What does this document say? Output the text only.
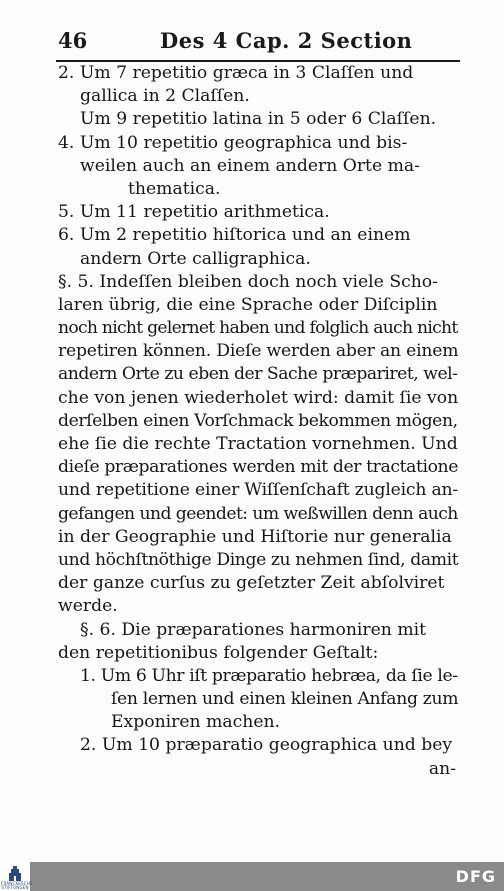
46	Des 4 Cap. 2 Section
2. Um 7 repetitio græca in 3 Claſſen und
gallica in 2 Claſſen.
Um 9 repetitio latina in 5 oder 6 Claſſen.
4. Um 10 repetitio geographica und bis-
weilen auch an einem andern Orte ma-
thematica.
5. Um 11 repetitio arithmetica.
6. Um 2 repetitio hiſtorica und an einem
andern Orte calligraphica.
§. 5. Indeſſen bleiben doch noch viele Scho-
laren übrig, die eine Sprache oder Diſciplin
noch nicht gelernet haben und folglich auch nicht
repetiren können. Dieſe werden aber an einem
andern Orte zu eben der Sache præpariret, wel-
che von jenen wiederholet wird: damit ſie von
derſelben einen Vorſchmack bekommen mögen,
ehe ſie die rechte Tractation vornehmen. Und
dieſe præparationes werden mit der tractatione
und repetitione einer Wiſſenſchaft zugleich an-
gefangen und geendet: um weßwillen denn auch
in der Geographie und Hiſtorie nur generalia
und höchſtnöthige Dinge zu nehmen ſind, damit
der ganze curſus zu geſetzter Zeit abſolviret
werde.
§. 6. Die præparationes harmoniren mit
den repetitionibus folgender Geſtalt:
1. Um 6 Uhr iſt præparatio hebræa, da ſie le-
ſen lernen und einen kleinen Anfang zum
Exponiren machen.
2. Um 10 præparatio geographica und bey
an-
FRANCKESCHE STIFTUNGEN
DFG
